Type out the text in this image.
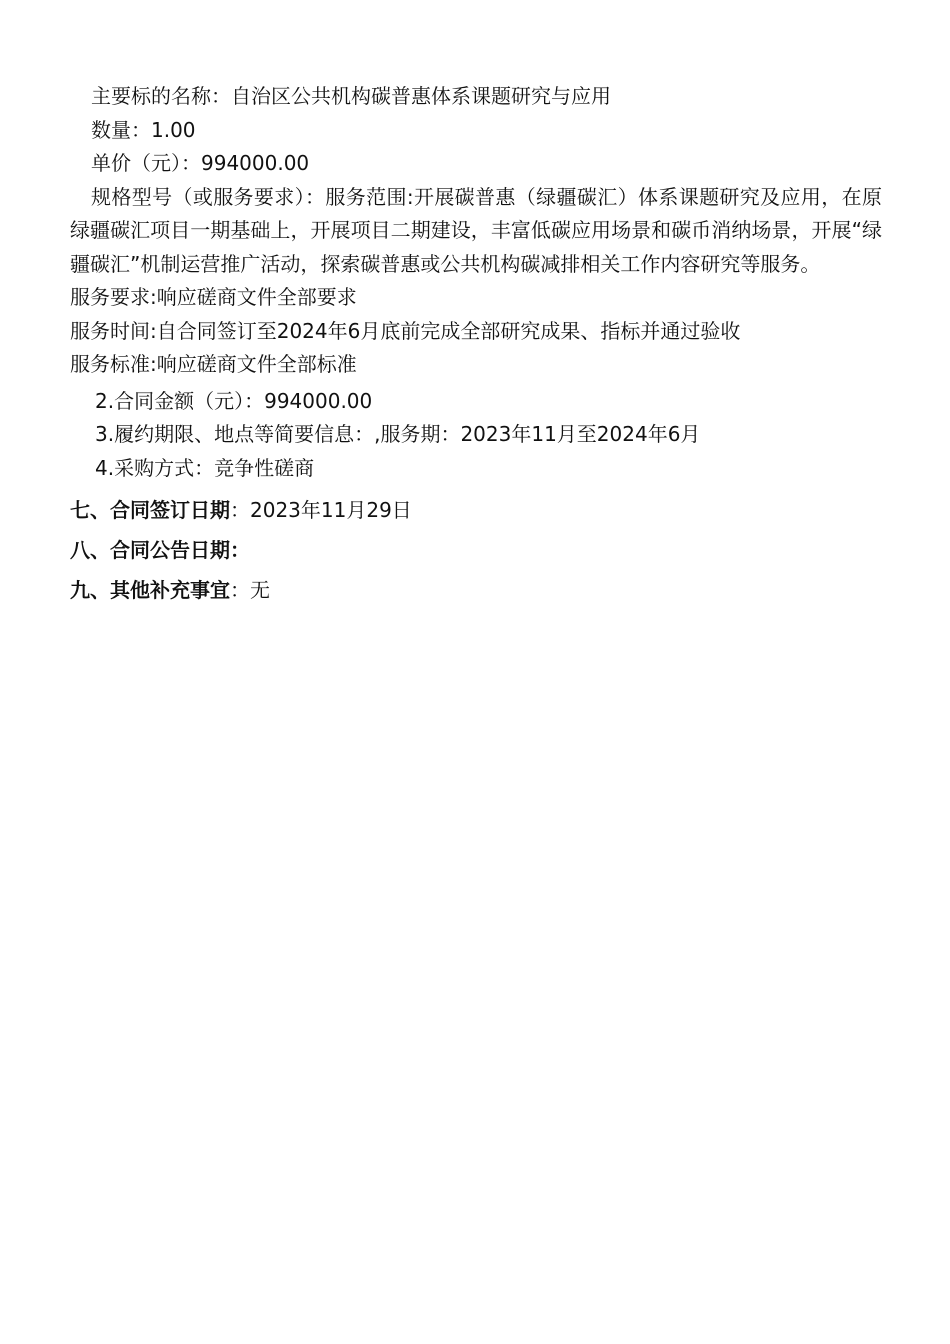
主要标的名称：自治区公共机构碳普惠体系课题研究与应用

数量：1.00

单价（元）：994000.00

规格型号（或服务要求）：服务范围:开展碳普惠（绿疆碳汇）体系课题研究及应用，在原绿疆碳汇项目一期基础上，开展项目二期建设，丰富低碳应用场景和碳币消纳场景，开展“绿疆碳汇”机制运营推广活动，探索碳普惠或公共机构碳减排相关工作内容研究等服务。

服务要求:响应磋商文件全部要求

服务时间:自合同签订至2024年6月底前完成全部研究成果、指标并通过验收

服务标准:响应磋商文件全部标准

2.合同金额（元）：994000.00

3.履约期限、地点等简要信息：,服务期：2023年11月至2024年6月

4.采购方式：竞争性磋商

七、合同签订日期：2023年11月29日

八、合同公告日期：

九、其他补充事宜：无
